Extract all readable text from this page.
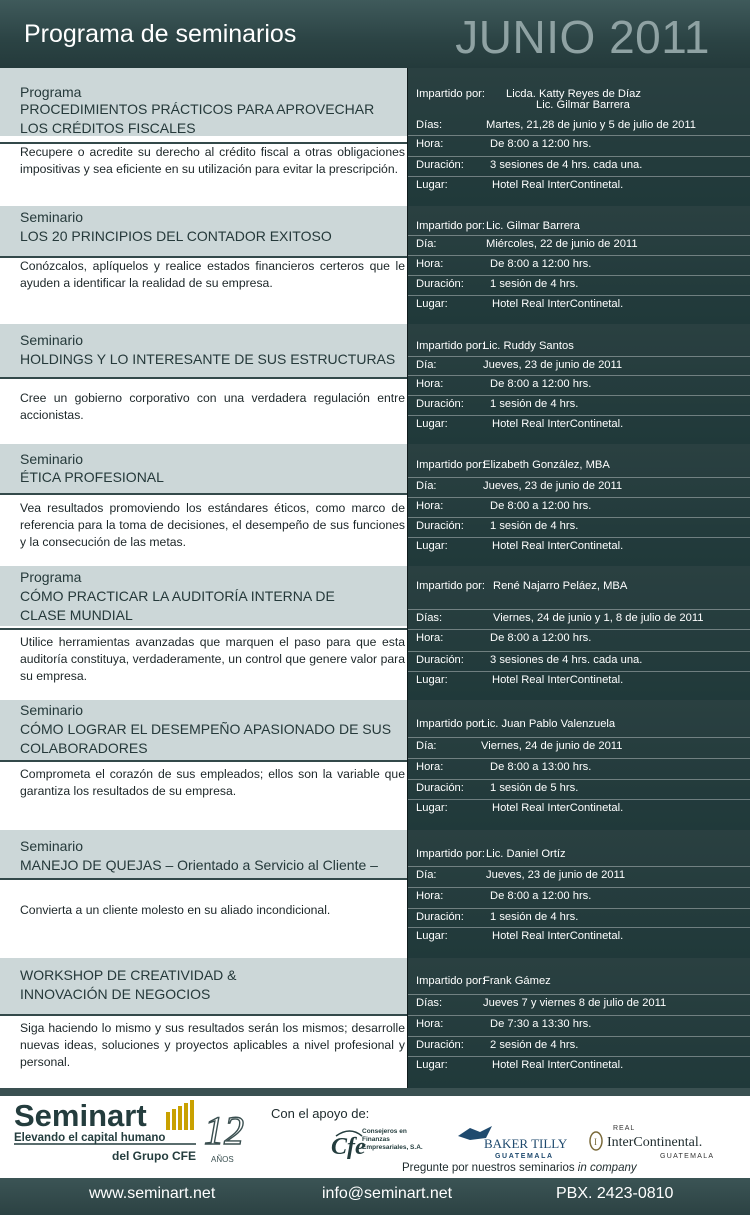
Programa de seminarios	JUNIO 2011
Programa
PROCEDIMIENTOS PRÁCTICOS PARA APROVECHAR
LOS CRÉDITOS FISCALES
Recupere o acredite su derecho al crédito fiscal a otras obligaciones impositivas y sea eficiente en su utilización para evitar la prescripción.
Impartido por: Licda. Katty Reyes de Díaz
Lic. Gilmar Barrera
Días:	Martes, 21,28 de junio y 5 de julio de 2011
Hora:	De 8:00 a 12:00 hrs.
Duración: 3 sesiones de 4 hrs. cada una.
Lugar:	Hotel Real InterContinetal.
Seminario
LOS 20 PRINCIPIOS DEL CONTADOR EXITOSO
Conózcalos, aplíquelos y realice estados financieros certeros que le ayuden a identificar la realidad de su empresa.
Impartido por: Lic. Gilmar Barrera
Día:	Miércoles, 22 de junio de 2011
Hora:	De 8:00 a 12:00 hrs.
Duración: 1 sesión de 4 hrs.
Lugar:	Hotel Real InterContinetal.
Seminario
HOLDINGS Y LO INTERESANTE DE SUS ESTRUCTURAS
Cree un gobierno corporativo con una verdadera regulación entre accionistas.
Impartido por:
Lic. Ruddy Santos
Día:	Jueves, 23 de junio de 2011
Hora:	De 8:00 a 12:00 hrs.
Duración: 1 sesión de 4 hrs.
Lugar:	Hotel Real InterContinetal.
Seminario
ÉTICA PROFESIONAL
Vea resultados promoviendo los estándares éticos, como marco de referencia para la toma de decisiones, el desempeño de sus funciones y la consecución de las metas.
Impartido por:
Elizabeth González, MBA
Día:	Jueves, 23 de junio de 2011
Hora:	De 8:00 a 12:00 hrs.
Duración: 1 sesión de 4 hrs.
Lugar:	Hotel Real InterContinetal.
Programa
CÓMO PRACTICAR LA AUDITORÍA INTERNA DE
CLASE MUNDIAL
Utilice herramientas avanzadas que marquen el paso para que esta auditoría constituya, verdaderamente, un control que genere valor para su empresa.
Impartido por: René Najarro Peláez, MBA
Días:	Viernes, 24 de junio y 1, 8 de julio de 2011
Hora:	De 8:00 a 12:00 hrs.
Duración: 3 sesiones de 4 hrs. cada una.
Lugar:	Hotel Real InterContinetal.
Seminario
CÓMO LOGRAR EL DESEMPEÑO APASIONADO DE SUS
COLABORADORES
Comprometa el corazón de sus empleados; ellos son la variable que garantiza los resultados de su empresa.
Impartido por:
Lic. Juan Pablo Valenzuela
Día:	Viernes, 24 de junio de 2011
Hora:	De 8:00 a 13:00 hrs.
Duración: 1 sesión de 5 hrs.
Lugar:	Hotel Real InterContinetal.
Seminario
MANEJO DE QUEJAS – Orientado a Servicio al Cliente –
Convierta a un cliente molesto en su aliado incondicional.
Impartido por: Lic. Daniel Ortíz
Día:	Jueves, 23 de junio de 2011
Hora:	De 8:00 a 12:00 hrs.
Duración: 1 sesión de 4 hrs.
Lugar:	Hotel Real InterContinetal.
WORKSHOP DE CREATIVIDAD &
INNOVACIÓN DE NEGOCIOS
Siga haciendo lo mismo y sus resultados serán los mismos; desarrolle nuevas ideas, soluciones y proyectos aplicables a nivel profesional y personal.
Impartido por:
Frank Gámez
Días:	Jueves 7 y viernes 8 de julio de 2011
Hora:	De 7:30 a 13:30 hrs.
Duración: 2 sesión de 4 hrs.
Lugar:	Hotel Real InterContinetal.
Seminart
Elevando el capital humano
del Grupo CFE
12
AÑOS
Con el apoyo de:
Cfe
Consejeros en
Finanzas
Empresariales, S.A.	BAKER TILLY
GUATEMALA
I
REAL
InterContinental.
GUATEMALA
Pregunte por nuestros seminarios in company
www.seminart.net	info@seminart.net	PBX. 2423-0810
